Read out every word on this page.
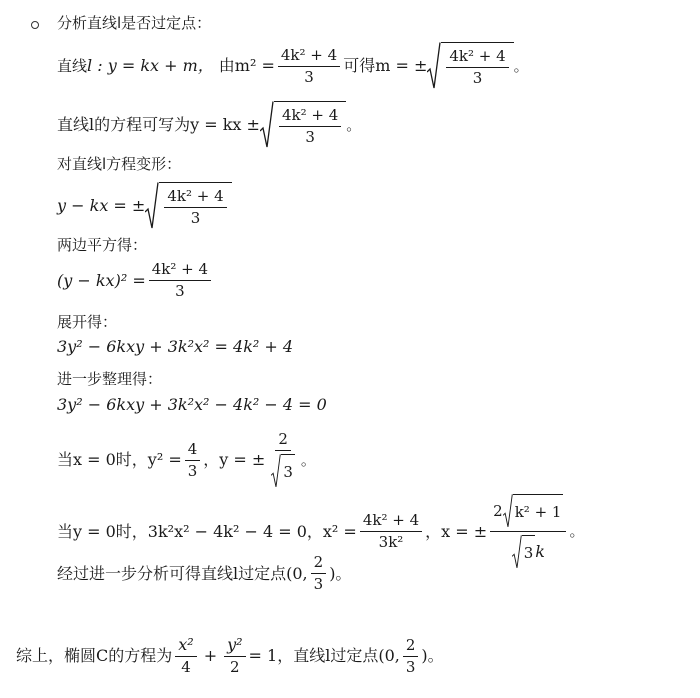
分析直线l是否过定点：
直线 l : y = kx + m， 由$m^2 = \frac{\text{4k² + 4}}{3}$ 可得m = ± $\frac{\text{4k² + 4}}{3}$ 。
直线l的方程可写为y = kx ± $\frac{\text{4k² + 4}}{3}$ 。
对直线l方程变形：
y − kx = ± $\frac{\text{4k² + 4}}{3}$
两边平方得：
$(y - kx)^2 = \frac{\text{4k² + 4}}{3}$
展开得：
3y² − 6kxy + 3k²x² = 4k² + 4
进一步整理得：
3y² − 6kxy + 3k²x² − 4k² − 4 = 0
当x = 0时，$y^2 = \frac{4}{3}$ ，y = ± $\frac{2}{3}$ 。
当y = 0时，3k²x² − 4k² − 4 = 0，$x^2 = \frac{\text{4k² + 4}}{\text{3k²}}$ ，x = ± $\frac{\text{2 k² + 1}}{3 k}$ 。
经过进一步分析可得直线l过定点(0, $\frac{2}{3}$ )。
综上，椭圆C的方程为 $\frac{\text{x²}}{4} + \frac{\text{y²}}{2} = 1$，直线l过定点(0, $\frac{2}{3}$ )。
